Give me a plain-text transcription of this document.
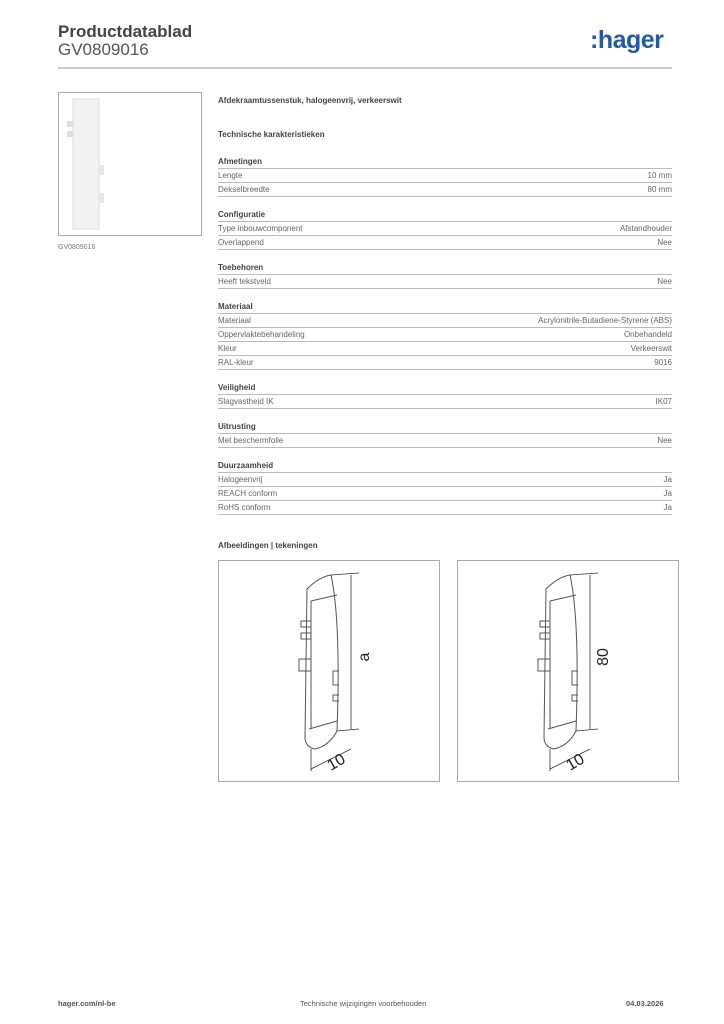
Productdatablad
GV0809016	:hager
GV0809016
Afdekraamtussenstuk, halogeenvrij, verkeerswit
Technische karakteristieken
Afmetingen
Lengte	10 mm
Dekselbreedte	80 mm
Configuratie
Type inbouwcomponent	Afstandhouder
Overlappend	Nee
Toebehoren
Heeft tekstveld	Nee
Materiaal
Materiaal	Acrylonitrile-Butadiene-Styrene (ABS)
Oppervlaktebehandeling	Onbehandeld
Kleur	Verkeerswit
RAL-kleur	9016
Veiligheid
Slagvastheid IK	IK07
Uitrusting
Met beschermfolie	Nee
Duurzaamheid
Halogeenvrij	Ja
REACH conform	Ja
RoHS conform	Ja
Afbeeldingen | tekeningen
a
10
80
10
hager.com/nl-be	Technische wijzigingen voorbehouden	04.03.2026
